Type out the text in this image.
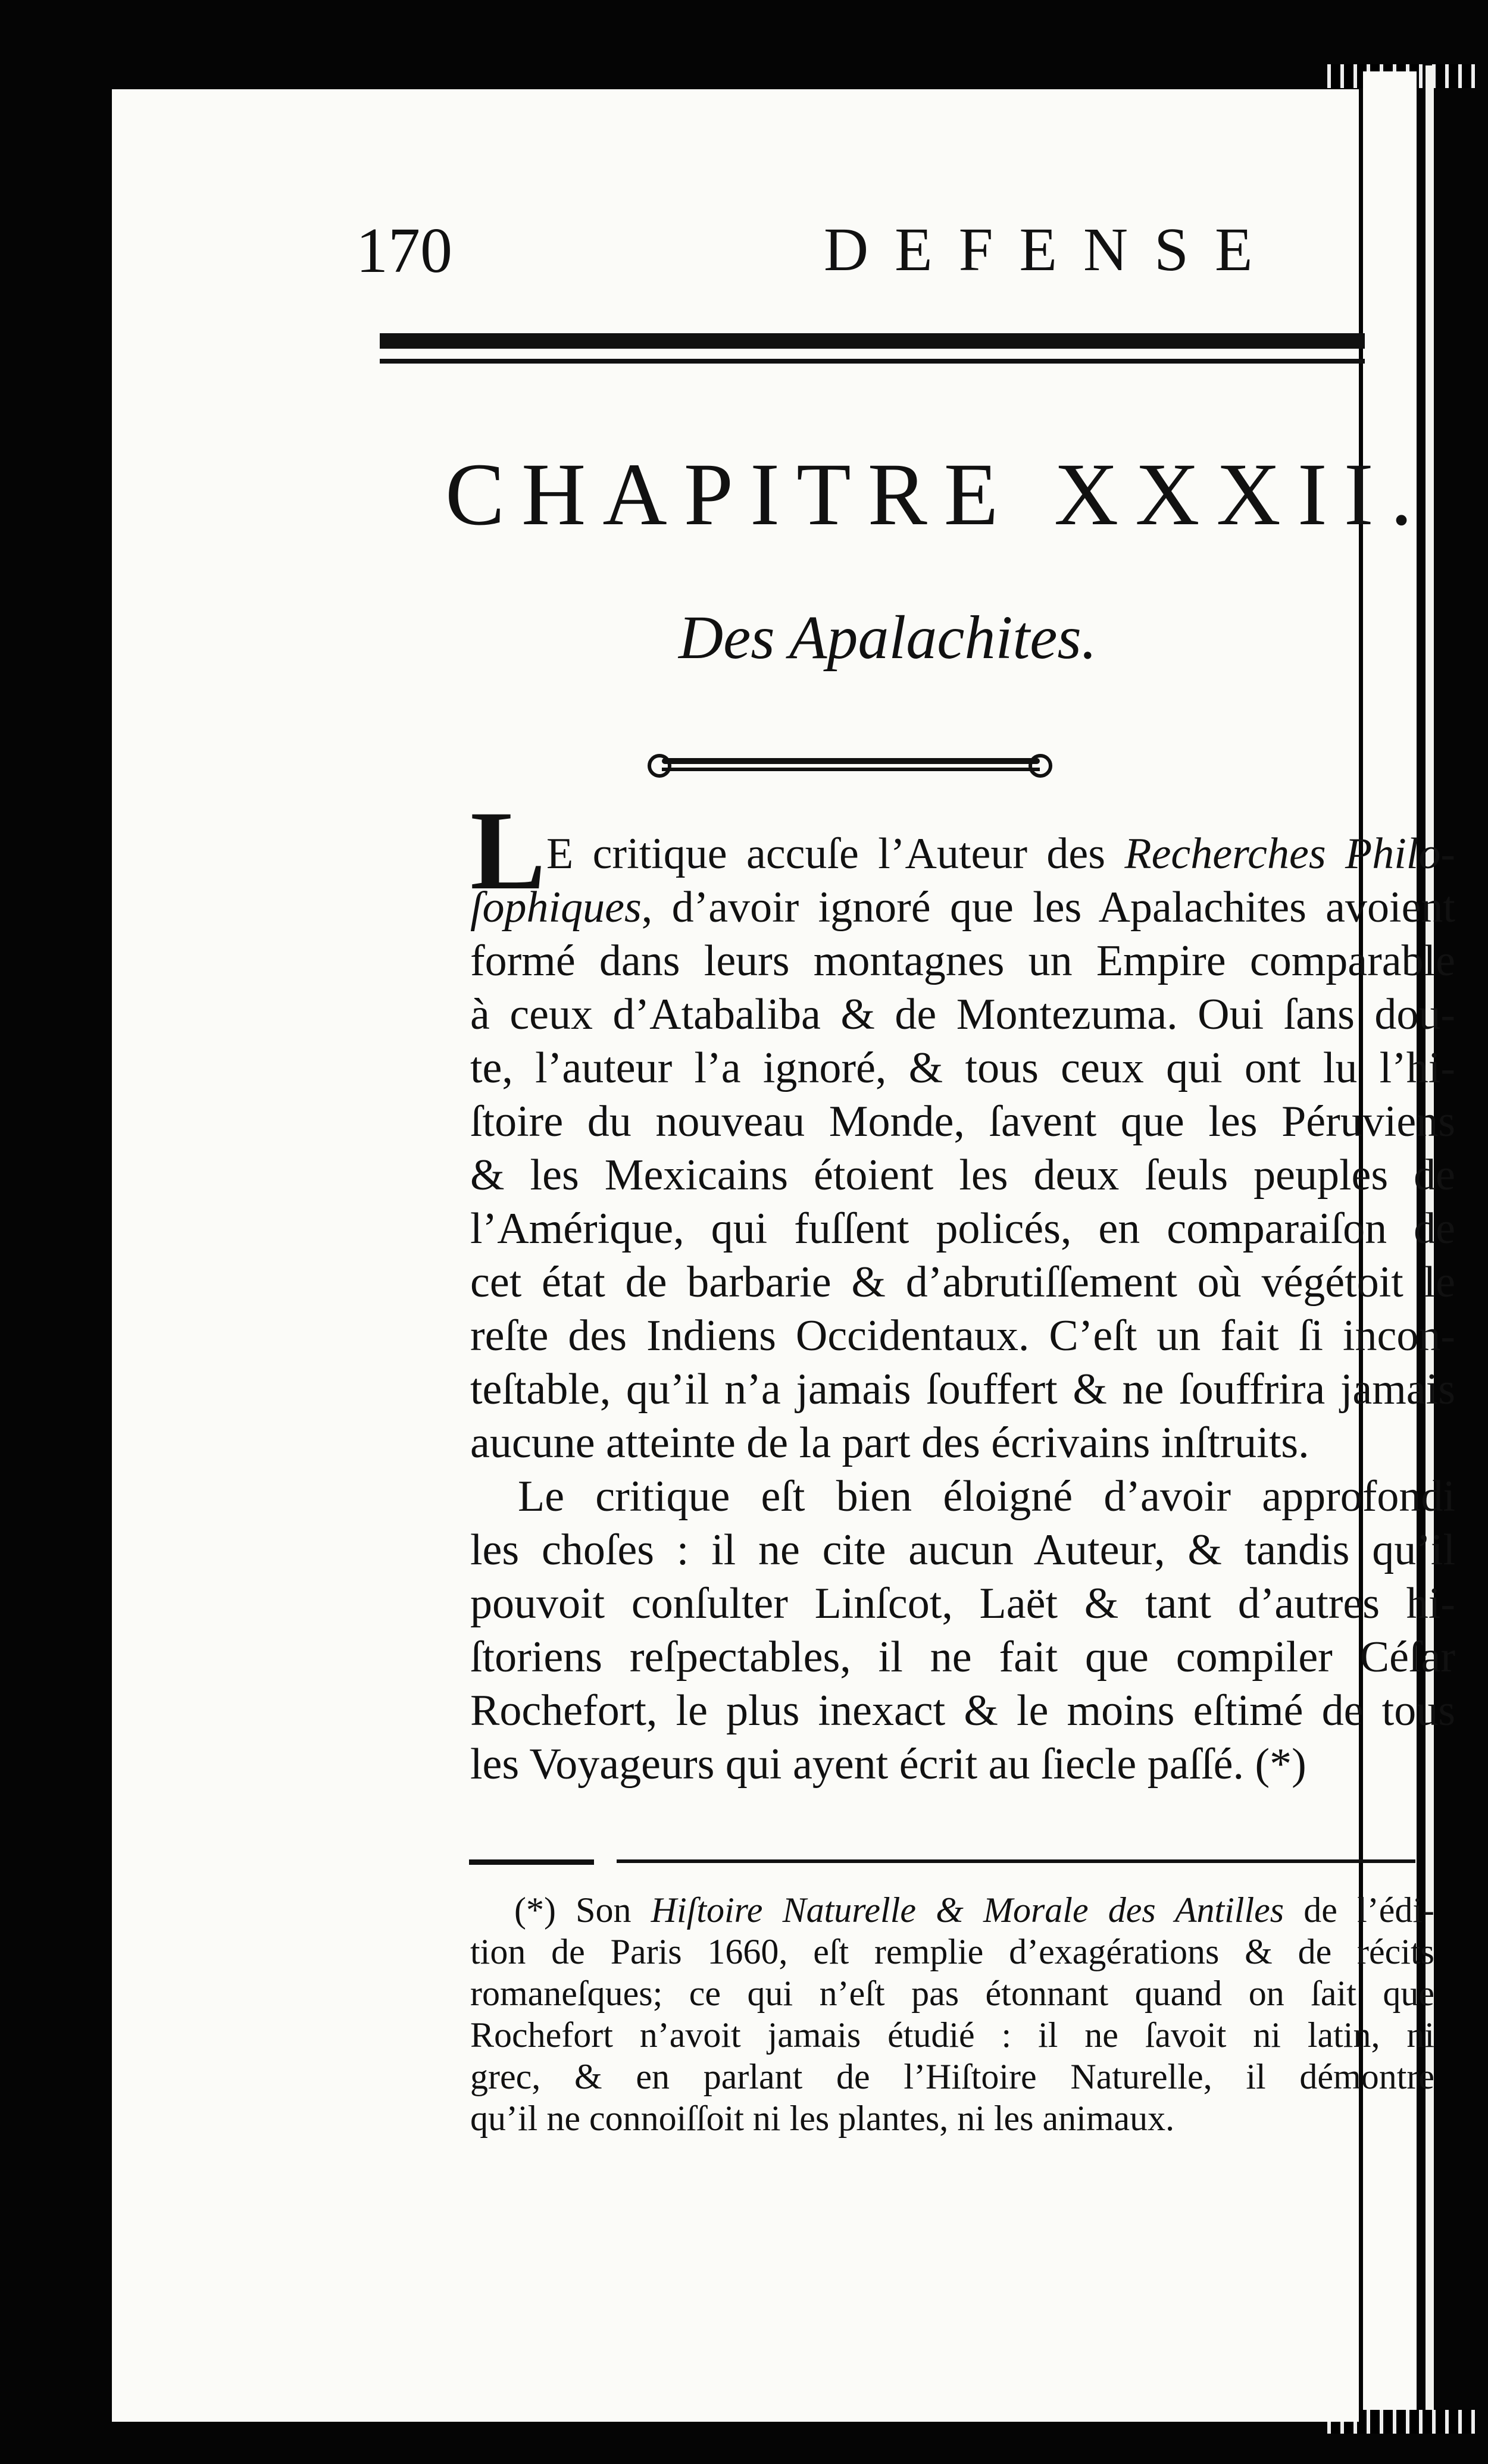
170	DEFENSE
CHAPITRE XXXII.
Des Apalachites.
L E critique accuſe l’Auteur des Recherches Philo-
ſophiques, d’avoir ignoré que les Apalachites avoient
formé dans leurs montagnes un Empire comparable
à ceux d’Atabaliba & de Montezuma. Oui ſans dou-
te, l’auteur l’a ignoré, & tous ceux qui ont lu l’hi-
ſtoire du nouveau Monde, ſavent que les Péruviens
& les Mexicains étoient les deux ſeuls peuples de
l’Amérique, qui fuſſent policés, en comparaiſon de
cet état de barbarie & d’abrutiſſement où végétoit le
reſte des Indiens Occidentaux. C’eſt un fait ſi incon-
teſtable, qu’il n’a jamais ſouffert & ne ſouffrira jamais
aucune atteinte de la part des écrivains inſtruits.
Le critique eſt bien éloigné d’avoir approfondi
les choſes : il ne cite aucun Auteur, & tandis qu’il
pouvoit conſulter Linſcot, Laët & tant d’autres hi-
ſtoriens reſpectables, il ne fait que compiler Céſar
Rochefort, le plus inexact & le moins eſtimé de tous
les Voyageurs qui ayent écrit au ſiecle paſſé. (*)
(*) Son Hiſtoire Naturelle & Morale des Antilles de l’édi-
tion de Paris 1660, eſt remplie d’exagérations & de récits
romaneſques; ce qui n’eſt pas étonnant quand on ſait que
Rochefort n’avoit jamais étudié : il ne ſavoit ni latin, ni
grec, & en parlant de l’Hiſtoire Naturelle, il démontre
qu’il ne connoiſſoit ni les plantes, ni les animaux.
